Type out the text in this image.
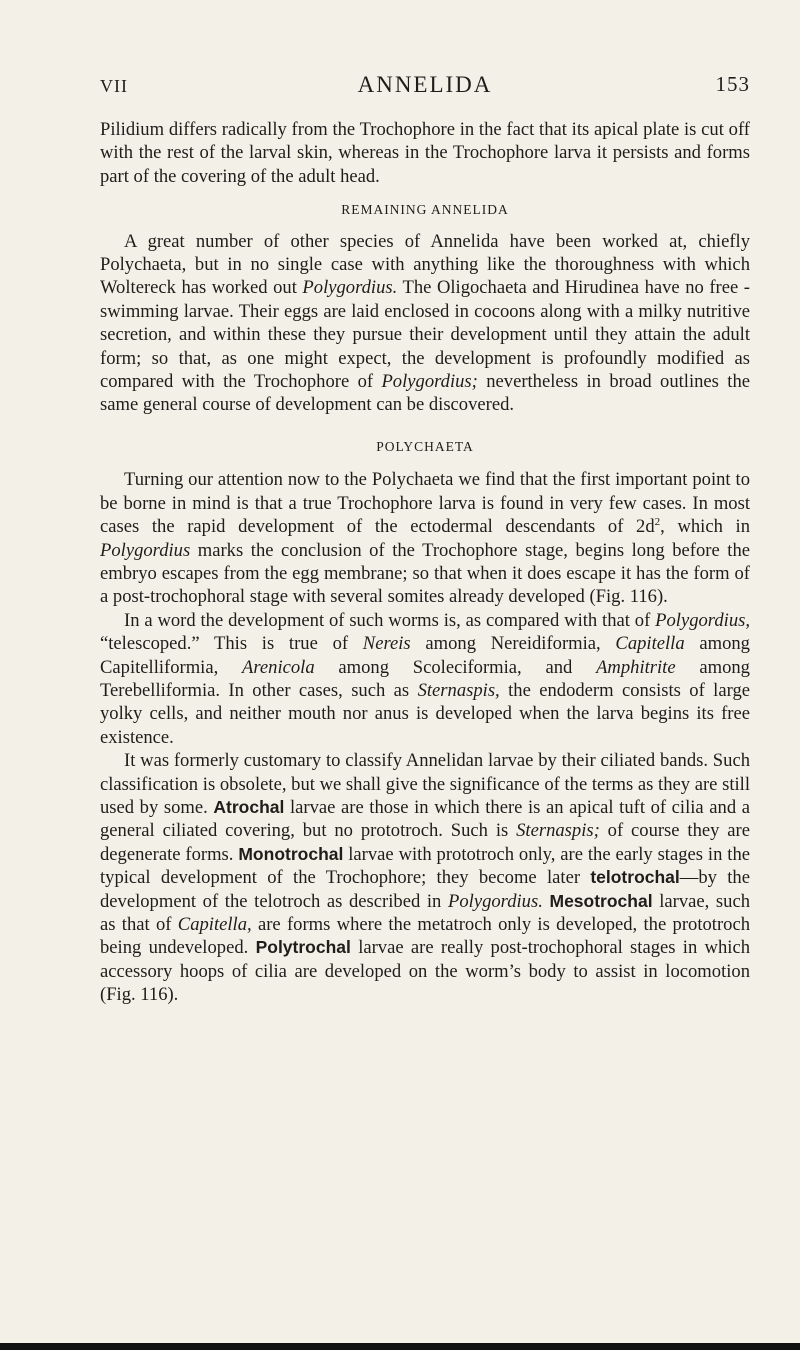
VII	ANNELIDA	153

Pilidium differs radically from the Trochophore in the fact that its apical plate is cut off with the rest of the larval skin, whereas in the Trochophore larva it persists and forms part of the covering of the adult head.

REMAINING ANNELIDA

A great number of other species of Annelida have been worked at, chiefly Polychaeta, but in no single case with anything like the thoroughness with which Woltereck has worked out Polygordius. The Oligochaeta and Hirudinea have no free - swimming larvae. Their eggs are laid enclosed in cocoons along with a milky nutritive secretion, and within these they pursue their development until they attain the adult form; so that, as one might expect, the development is profoundly modified as compared with the Trochophore of Polygordius; nevertheless in broad outlines the same general course of development can be discovered.

POLYCHAETA

Turning our attention now to the Polychaeta we find that the first important point to be borne in mind is that a true Trochophore larva is found in very few cases. In most cases the rapid development of the ectodermal descendants of $2d^2$, which in Polygordius marks the conclusion of the Trochophore stage, begins long before the embryo escapes from the egg membrane; so that when it does escape it has the form of a post-trochophoral stage with several somites already developed (Fig. 116).

In a word the development of such worms is, as compared with that of Polygordius, “telescoped.” This is true of Nereis among Nereidiformia, Capitella among Capitelliformia, Arenicola among Scoleciformia, and Amphitrite among Terebelliformia. In other cases, such as Sternaspis, the endoderm consists of large yolky cells, and neither mouth nor anus is developed when the larva begins its free existence.

It was formerly customary to classify Annelidan larvae by their ciliated bands. Such classification is obsolete, but we shall give the significance of the terms as they are still used by some. Atrochal larvae are those in which there is an apical tuft of cilia and a general ciliated covering, but no prototroch. Such is Sternaspis; of course they are degenerate forms. Monotrochal larvae with prototroch only, are the early stages in the typical development of the Trochophore; they become later telotrochal—by the development of the telotroch as described in Polygordius. Mesotrochal larvae, such as that of Capitella, are forms where the metatroch only is developed, the prototroch being undeveloped. Polytrochal larvae are really post-trochophoral stages in which accessory hoops of cilia are developed on the worm’s body to assist in locomotion (Fig. 116).
